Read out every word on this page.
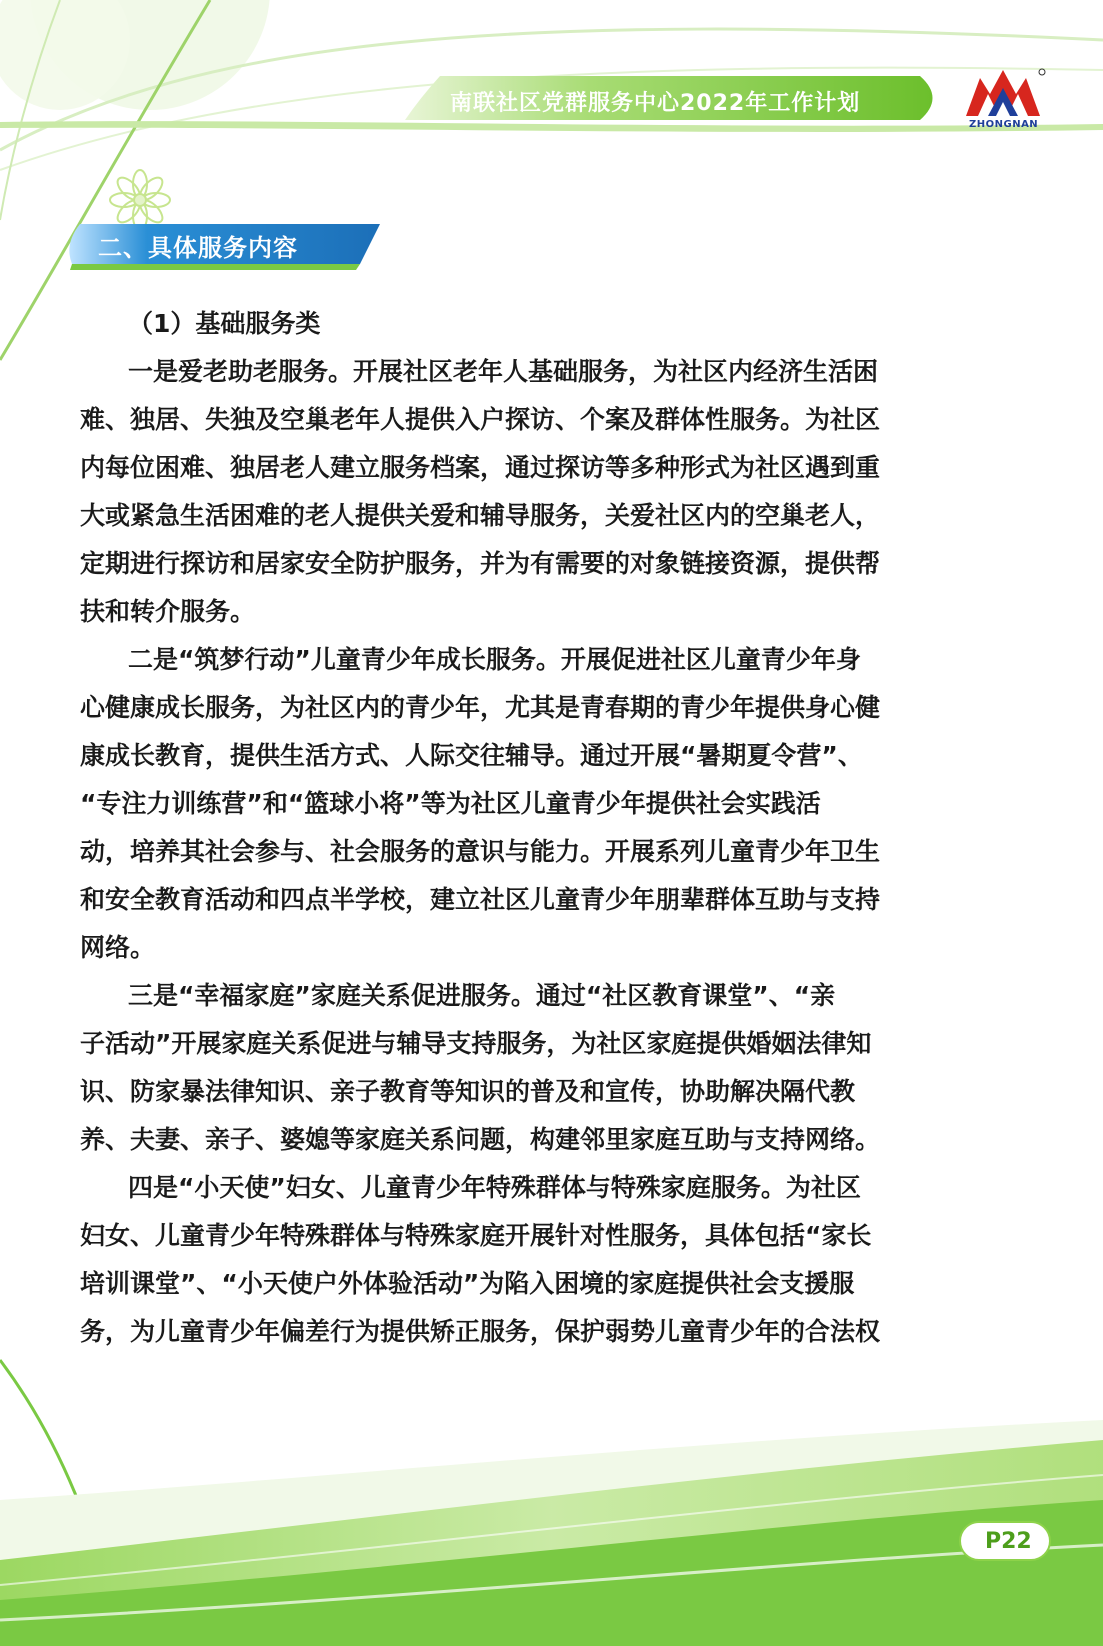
南联社区党群服务中心2022年工作计划
ZHONGNAN
二、具体服务内容
（1）基础服务类
一是爱老助老服务。开展社区老年人基础服务，为社区内经济生活困
难、独居、失独及空巢老年人提供入户探访、个案及群体性服务。为社区
内每位困难、独居老人建立服务档案，通过探访等多种形式为社区遇到重
大或紧急生活困难的老人提供关爱和辅导服务，关爱社区内的空巢老人，
定期进行探访和居家安全防护服务，并为有需要的对象链接资源，提供帮
扶和转介服务。
二是“筑梦行动”儿童青少年成长服务。开展促进社区儿童青少年身
心健康成长服务，为社区内的青少年，尤其是青春期的青少年提供身心健
康成长教育，提供生活方式、人际交往辅导。通过开展“暑期夏令营”、
“专注力训练营”和“篮球小将”等为社区儿童青少年提供社会实践活
动，培养其社会参与、社会服务的意识与能力。开展系列儿童青少年卫生
和安全教育活动和四点半学校，建立社区儿童青少年朋辈群体互助与支持
网络。
三是“幸福家庭”家庭关系促进服务。通过“社区教育课堂”、“亲
子活动”开展家庭关系促进与辅导支持服务，为社区家庭提供婚姻法律知
识、防家暴法律知识、亲子教育等知识的普及和宣传，协助解决隔代教
养、夫妻、亲子、婆媳等家庭关系问题，构建邻里家庭互助与支持网络。
四是“小天使”妇女、儿童青少年特殊群体与特殊家庭服务。为社区
妇女、儿童青少年特殊群体与特殊家庭开展针对性服务，具体包括“家长
培训课堂”、“小天使户外体验活动”为陷入困境的家庭提供社会支援服
务，为儿童青少年偏差行为提供矫正服务，保护弱势儿童青少年的合法权
P22
